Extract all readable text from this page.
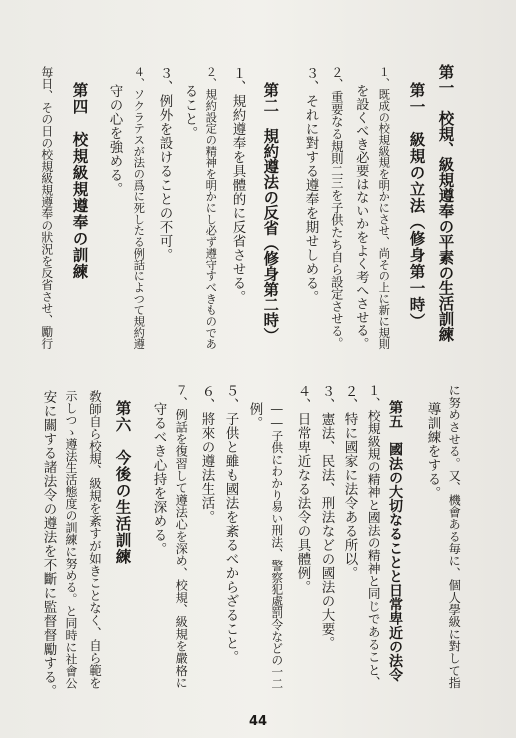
第一　校規、級規遵奉の平素の生活訓練
第一　級規の立法（修身第一時）
１、既成の校規級規を明かにさせ、尚その上に新に規則
を設くべき必要はないかをよく考へさせる。
２、重要なる規則二三を子供たち自ら設定させる。
３、それに對する遵奉を期せしめる。
第二　規約遵法の反省（修身第二時）
１、規約遵奉を具體的に反省させる。
２、規約設定の精神を明かにし必ず遵守すべきものであ
ること。
３、例外を設けることの不可。
４、ソクラテスが法の爲に死したる例話によつて規約遵
守の心を強める。
第四　校規級規遵奉の訓練
毎日、その日の校規級規遵奉の狀況を反省させ、勵行
に努めさせる。又、機會ある毎に、個人學級に對して指
導訓練をする。
第五　國法の大切なることと日常卑近の法令
１、校規級規の精神と國法の精神と同じであること、
２、特に國家に法令ある所以。
３、憲法、民法、刑法などの國法の大要。
４、日常卑近なる法令の具體例。
――子供にわかり易い刑法、警察犯處罰令などの一二
例。
５、子供と雖も國法を紊るべからざること。
６、將來の遵法生活。
７、例話を復習して遵法心を深め、校規、級規を嚴格に
守るべき心持を深める。
第六　今後の生活訓練
敎師自ら校規、級規を紊すが如きことなく、自ら範を
示しつゝ遵法生活態度の訓練に努める。と同時に社會公
安に關する諸法令の遵法を不斷に監督督勵する。
44
